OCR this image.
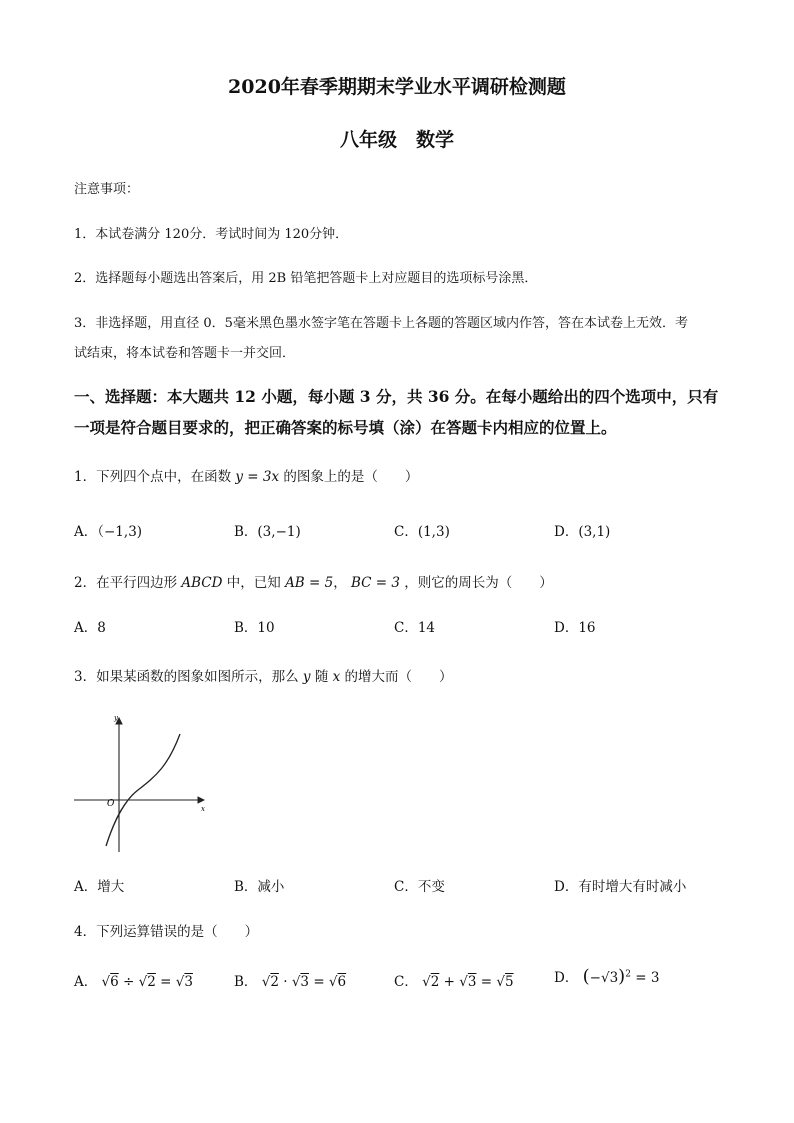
2020年春季期期末学业水平调研检测题
八年级　数学
注意事项：
1．本试卷满分 120分．考试时间为 120分钟．
2．选择题每小题选出答案后，用 2B 铅笔把答题卡上对应题目的选项标号涂黑．
3．非选择题，用直径 0．5毫米黑色墨水签字笔在答题卡上各题的答题区域内作答，答在本试卷上无效．考
试结束，将本试卷和答题卡一并交回．
一、选择题：本大题共 12 小题，每小题 3 分，共 36 分。在每小题给出的四个选项中，只有
一项是符合题目要求的，把正确答案的标号填（涂）在答题卡内相应的位置上。
1．下列四个点中，在函数 y = 3x 的图象上的是（　　）
A．（−1,3)	B．(3,−1)	C．(1,3)	D．(3,1)
2．在平行四边形 ABCD 中，已知 AB = 5， BC = 3 ，则它的周长为（　　）
A．8	B．10	C．14	D．16
3．如果某函数的图象如图所示，那么 y 随 x 的增大而（　　）
y
O	x
A．增大	B．减小	C．不变	D．有时增大有时减小
4．下列运算错误的是（　　）
A． √6 ÷ √2 = √3	B． √2 · √3 = √6	C． √2 + √3 = √5	D． $(-√3)^2 = 3$
